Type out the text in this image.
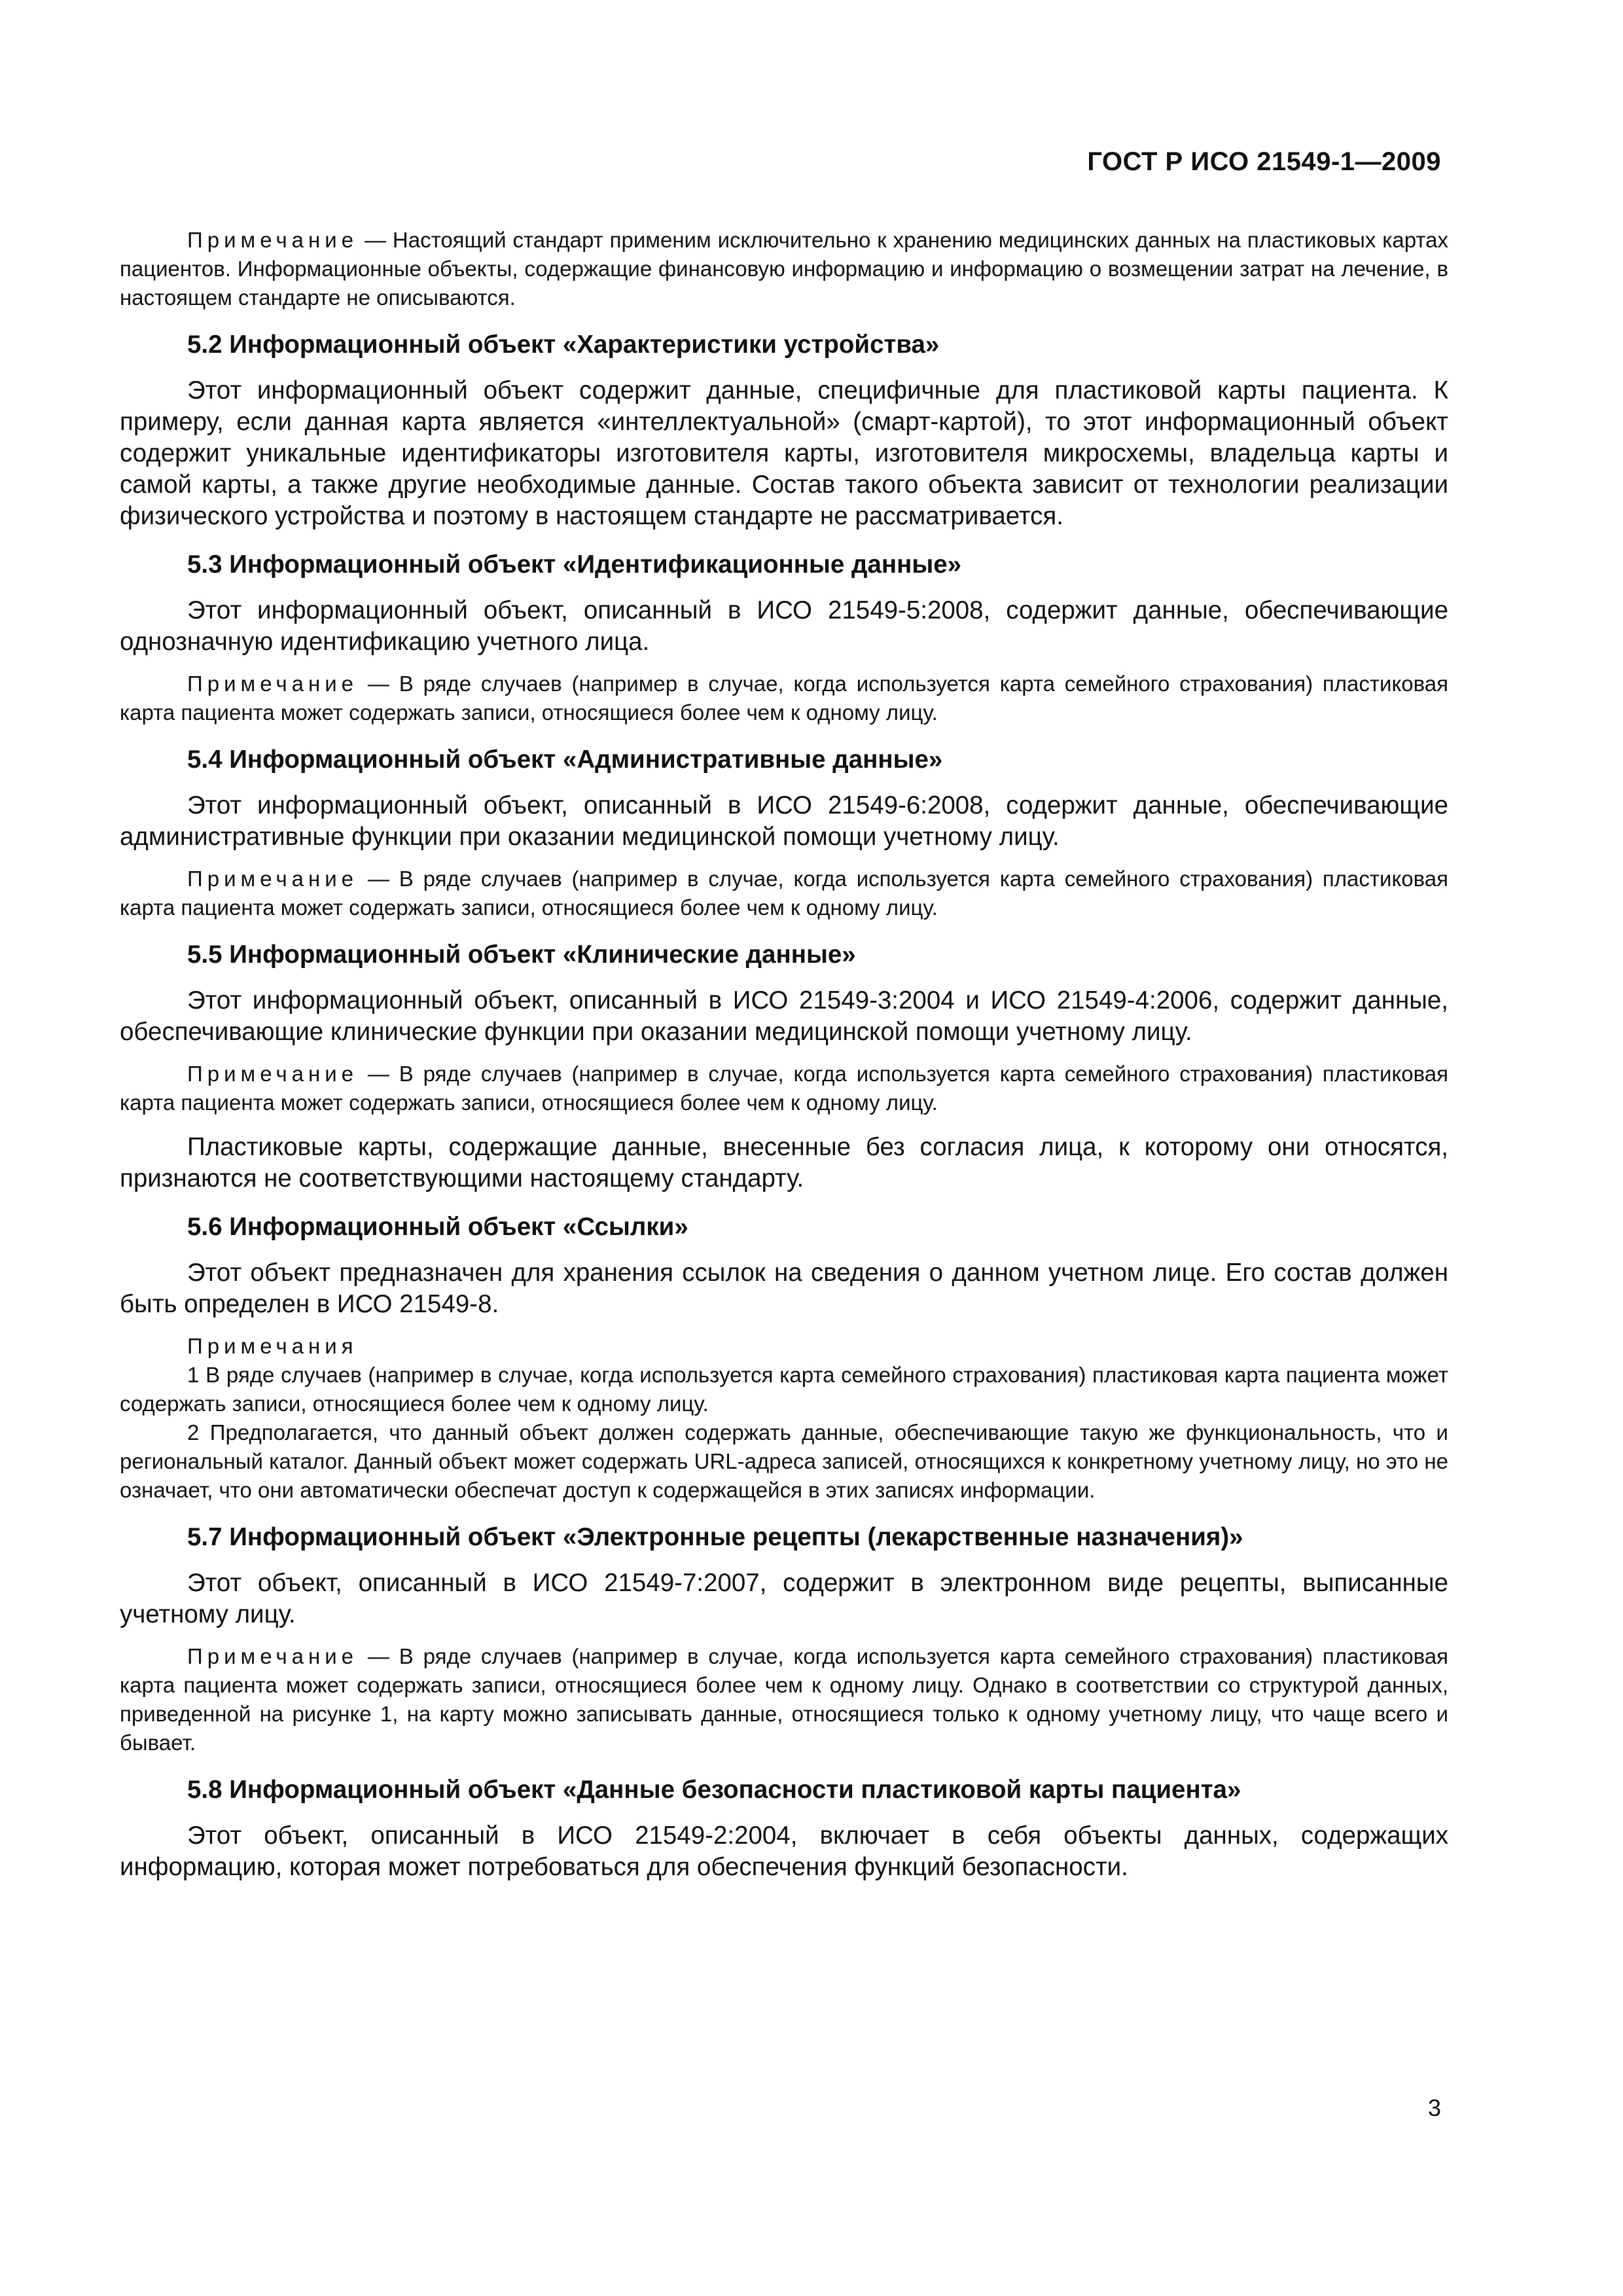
ГОСТ Р ИСО 21549-1—2009
Примечание — Настоящий стандарт применим исключительно к хранению медицинских данных на пластиковых картах пациентов. Информационные объекты, содержащие финансовую информацию и информацию о возмещении затрат на лечение, в настоящем стандарте не описываются.
5.2 Информационный объект «Характеристики устройства»
Этот информационный объект содержит данные, специфичные для пластиковой карты пациента. К примеру, если данная карта является «интеллектуальной» (смарт-картой), то этот информационный объект содержит уникальные идентификаторы изготовителя карты, изготовителя микросхемы, владельца карты и самой карты, а также другие необходимые данные. Состав такого объекта зависит от технологии реализации физического устройства и поэтому в настоящем стандарте не рассматривается.
5.3 Информационный объект «Идентификационные данные»
Этот информационный объект, описанный в ИСО 21549-5:2008, содержит данные, обеспечивающие однозначную идентификацию учетного лица.
Примечание — В ряде случаев (например в случае, когда используется карта семейного страхования) пластиковая карта пациента может содержать записи, относящиеся более чем к одному лицу.
5.4 Информационный объект «Административные данные»
Этот информационный объект, описанный в ИСО 21549-6:2008, содержит данные, обеспечивающие административные функции при оказании медицинской помощи учетному лицу.
Примечание — В ряде случаев (например в случае, когда используется карта семейного страхования) пластиковая карта пациента может содержать записи, относящиеся более чем к одному лицу.
5.5 Информационный объект «Клинические данные»
Этот информационный объект, описанный в ИСО 21549-3:2004 и ИСО 21549-4:2006, содержит данные, обеспечивающие клинические функции при оказании медицинской помощи учетному лицу.
Примечание — В ряде случаев (например в случае, когда используется карта семейного страхования) пластиковая карта пациента может содержать записи, относящиеся более чем к одному лицу.
Пластиковые карты, содержащие данные, внесенные без согласия лица, к которому они относятся, признаются не соответствующими настоящему стандарту.
5.6 Информационный объект «Ссылки»
Этот объект предназначен для хранения ссылок на сведения о данном учетном лице. Его состав должен быть определен в ИСО 21549-8.
Примечания
1 В ряде случаев (например в случае, когда используется карта семейного страхования) пластиковая карта пациента может содержать записи, относящиеся более чем к одному лицу.
2 Предполагается, что данный объект должен содержать данные, обеспечивающие такую же функциональность, что и региональный каталог. Данный объект может содержать URL-адреса записей, относящихся к конкретному учетному лицу, но это не означает, что они автоматически обеспечат доступ к содержащейся в этих записях информации.
5.7 Информационный объект «Электронные рецепты (лекарственные назначения)»
Этот объект, описанный в ИСО 21549-7:2007, содержит в электронном виде рецепты, выписанные учетному лицу.
Примечание — В ряде случаев (например в случае, когда используется карта семейного страхования) пластиковая карта пациента может содержать записи, относящиеся более чем к одному лицу. Однако в соответствии со структурой данных, приведенной на рисунке 1, на карту можно записывать данные, относящиеся только к одному учетному лицу, что чаще всего и бывает.
5.8 Информационный объект «Данные безопасности пластиковой карты пациента»
Этот объект, описанный в ИСО 21549-2:2004, включает в себя объекты данных, содержащих информацию, которая может потребоваться для обеспечения функций безопасности.
3
